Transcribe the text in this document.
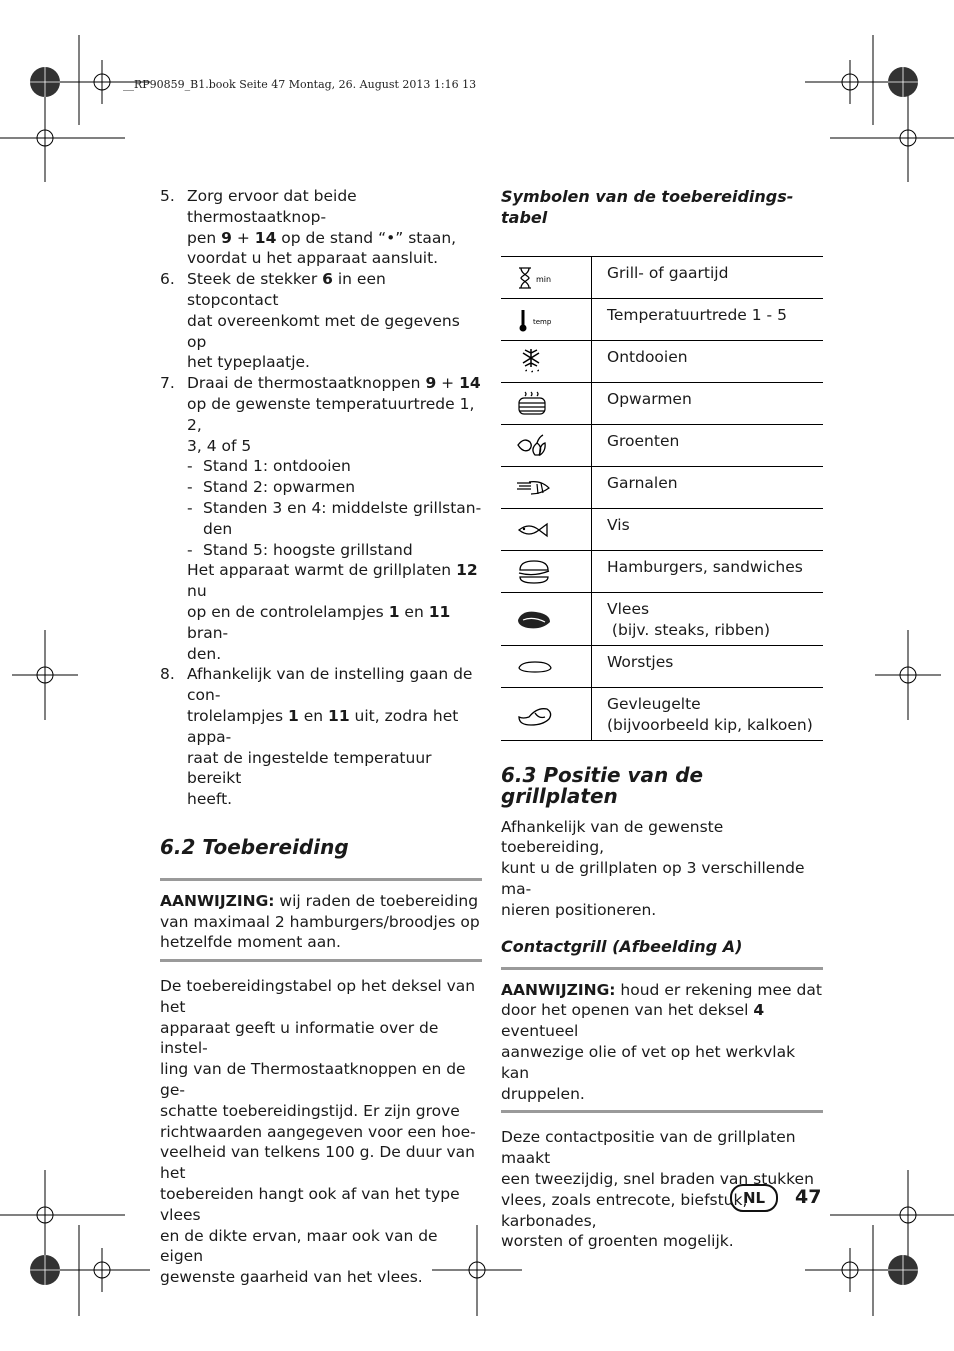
__RP90859_B1.book Seite 47 Montag, 26. August 2013 1:16 13
5. Zorg ervoor dat beide thermostaatknop-
pen 9 + 14 op de stand “•” staan,
voordat u het apparaat aansluit.
6. Steek de stekker 6 in een stopcontact
dat overeenkomt met de gegevens op
het typeplaatje.
7. Draai de thermostaatknoppen 9 + 14
op de gewenste temperatuurtrede 1, 2,
3, 4 of 5
- Stand 1: ontdooien
- Stand 2: opwarmen
- Standen 3 en 4: middelste grillstan-
den
- Stand 5: hoogste grillstand
Het apparaat warmt de grillplaten 12 nu
op en de controlelampjes 1 en 11 bran-
den.
8. Afhankelijk van de instelling gaan de con-
trolelampjes 1 en 11 uit, zodra het appa-
raat de ingestelde temperatuur bereikt
heeft.
6.2 Toebereiding
AANWIJZING: wij raden de toebereiding
van maximaal 2 hamburgers/broodjes op
hetzelfde moment aan.
De toebereidingstabel op het deksel van het
apparaat geeft u informatie over de instel-
ling van de Thermostaatknoppen en de ge-
schatte toebereidingstijd. Er zijn grove
richtwaarden aangegeven voor een hoe-
veelheid van telkens 100 g. De duur van het
toebereiden hangt ook af van het type vlees
en de dikte ervan, maar ook van de eigen
gewenste gaarheid van het vlees.
Symbolen van de toebereidings-
tabel
min	Grill- of gaartijd

temp	Temperatuurtrede 1 - 5

	Ontdooien

	Opwarmen

	Groenten

	Garnalen

	Vis

	Hamburgers, sandwiches

	Vlees
(bijv. steaks, ribben)

	Worstjes

	Gevleugelte
(bijvoorbeeld kip, kalkoen)
6.3 Positie van de grillplaten
Afhankelijk van de gewenste toebereiding,
kunt u de grillplaten op 3 verschillende ma-
nieren positioneren.
Contactgrill (Afbeelding A)
AANWIJZING: houd er rekening mee dat
door het openen van het deksel 4 eventueel
aanwezige olie of vet op het werkvlak kan
druppelen.
Deze contactpositie van de grillplaten maakt
een tweezijdig, snel braden van stukken
vlees, zoals entrecote, biefstuk, karbonades,
worsten of groenten mogelijk.
NL	47
